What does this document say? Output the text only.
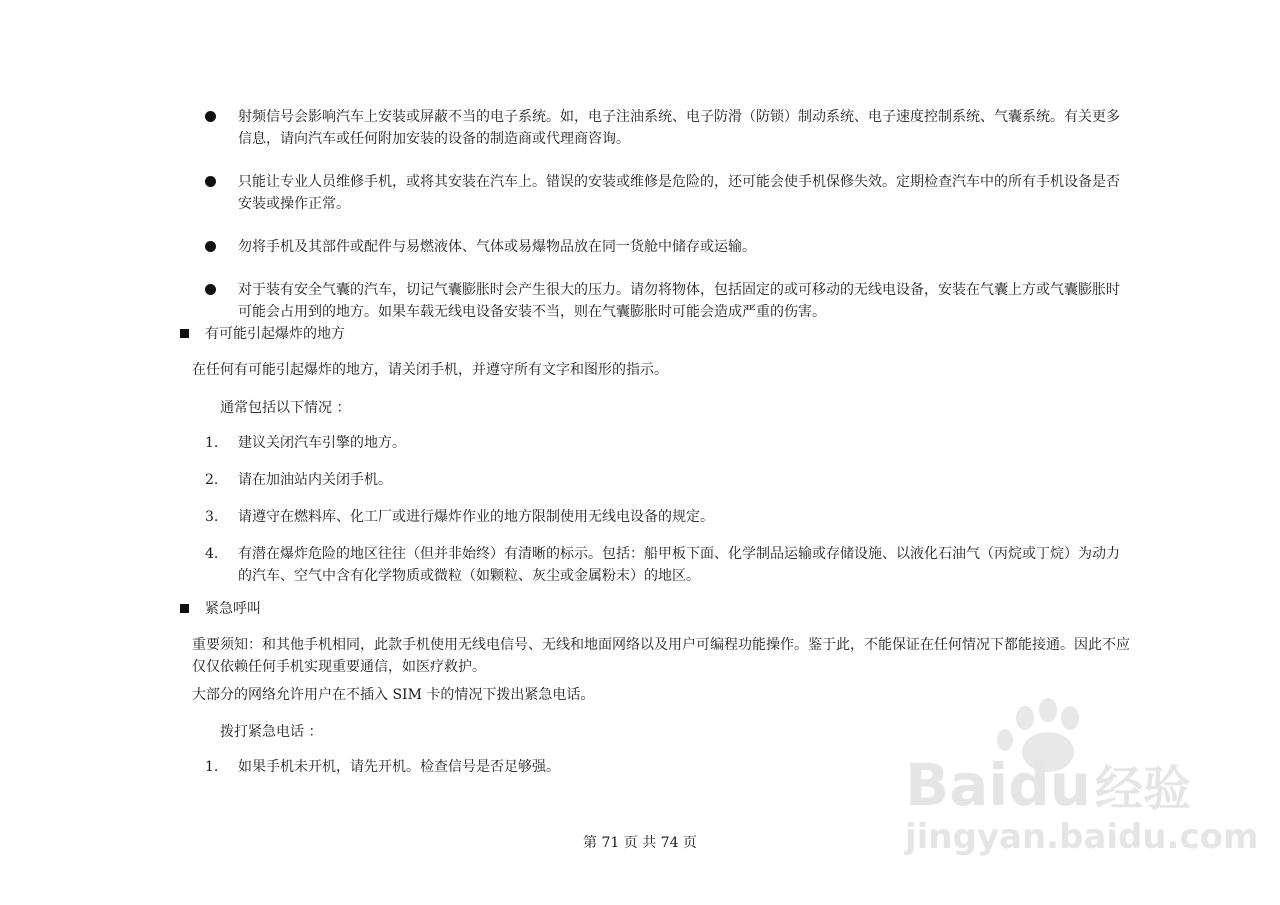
射频信号会影响汽车上安装或屏蔽不当的电子系统。如，电子注油系统、电子防滑（防锁）制动系统、电子速度控制系统、气囊系统。有关更多信息，请向汽车或任何附加安装的设备的制造商或代理商咨询。
只能让专业人员维修手机，或将其安装在汽车上。错误的安装或维修是危险的，还可能会使手机保修失效。定期检查汽车中的所有手机设备是否安装或操作正常。
勿将手机及其部件或配件与易燃液体、气体或易爆物品放在同一货舱中储存或运输。
对于装有安全气囊的汽车，切记气囊膨胀时会产生很大的压力。请勿将物体，包括固定的或可移动的无线电设备，安装在气囊上方或气囊膨胀时可能会占用到的地方。如果车载无线电设备安装不当，则在气囊膨胀时可能会造成严重的伤害。
有可能引起爆炸的地方
在任何有可能引起爆炸的地方，请关闭手机，并遵守所有文字和图形的指示。
通常包括以下情况 ：
1. 建议关闭汽车引擎的地方。
2. 请在加油站内关闭手机。
3. 请遵守在燃料库、化工厂或进行爆炸作业的地方限制使用无线电设备的规定。
4. 有潜在爆炸危险的地区往往（但并非始终）有清晰的标示。包括：船甲板下面、化学制品运输或存储设施、以液化石油气（丙烷或丁烷）为动力的汽车、空气中含有化学物质或微粒（如颗粒、灰尘或金属粉末）的地区。
紧急呼叫
重要须知：和其他手机相同，此款手机使用无线电信号、无线和地面网络以及用户可编程功能操作。鉴于此，不能保证在任何情况下都能接通。因此不应仅仅依赖任何手机实现重要通信，如医疗救护。
大部分的网络允许用户在不插入 SIM 卡的情况下拨出紧急电话。
拨打紧急电话 ：
1. 如果手机未开机，请先开机。检查信号是否足够强。
第 71 页 共 74 页
Baidu 经验
jingyan.baidu.com
